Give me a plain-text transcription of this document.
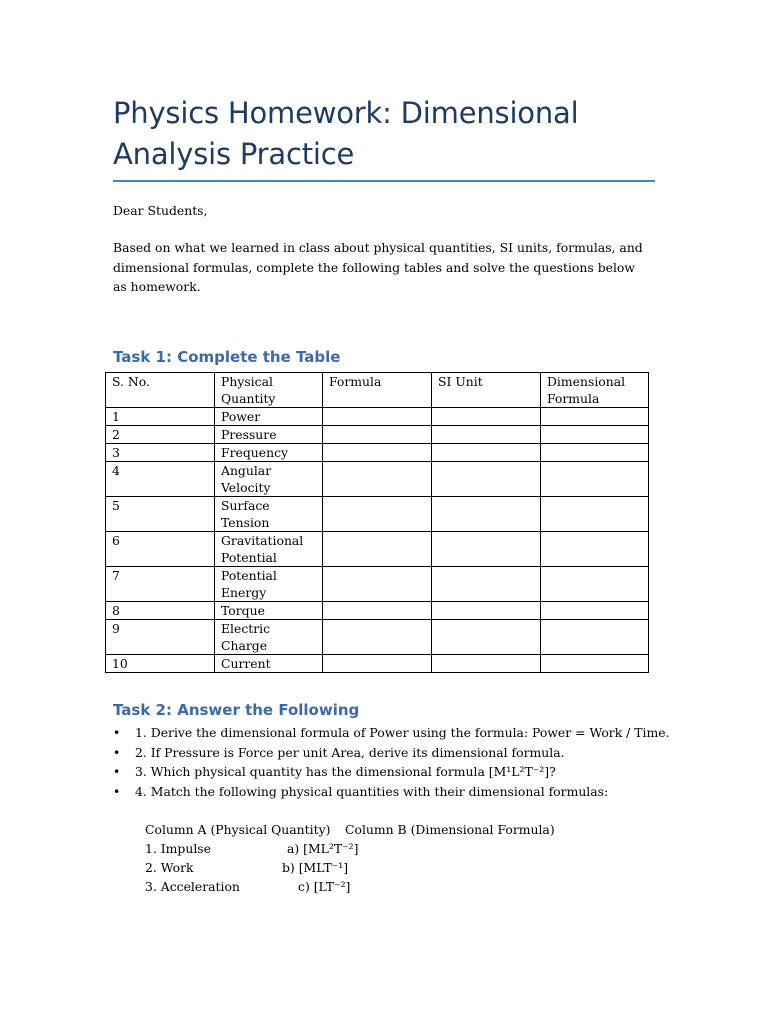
Physics Homework: Dimensional Analysis Practice

Dear Students,

Based on what we learned in class about physical quantities, SI units, formulas, and dimensional formulas, complete the following tables and solve the questions below as homework.

Task 1: Complete the Table
S. No.	Physical Quantity	Formula	SI Unit	Dimensional Formula
1	Power			
2	Pressure			
3	Frequency			
4	Angular Velocity			
5	Surface Tension			
6	Gravitational Potential			
7	Potential Energy			
8	Torque			
9	Electric Charge			
10	Current			
Task 2: Answer the Following
• 1. Derive the dimensional formula of Power using the formula: Power = Work / Time.
• 2. If Pressure is Force per unit Area, derive its dimensional formula.
• 3. Which physical quantity has the dimensional formula [M¹L²T⁻²]?
• 4. Match the following physical quantities with their dimensional formulas:
Column A (Physical Quantity) Column B (Dimensional Formula)
1. Impulse	a) [ML²T⁻²]
2. Work	b) [MLT⁻¹]
3. Acceleration	c) [LT⁻²]
